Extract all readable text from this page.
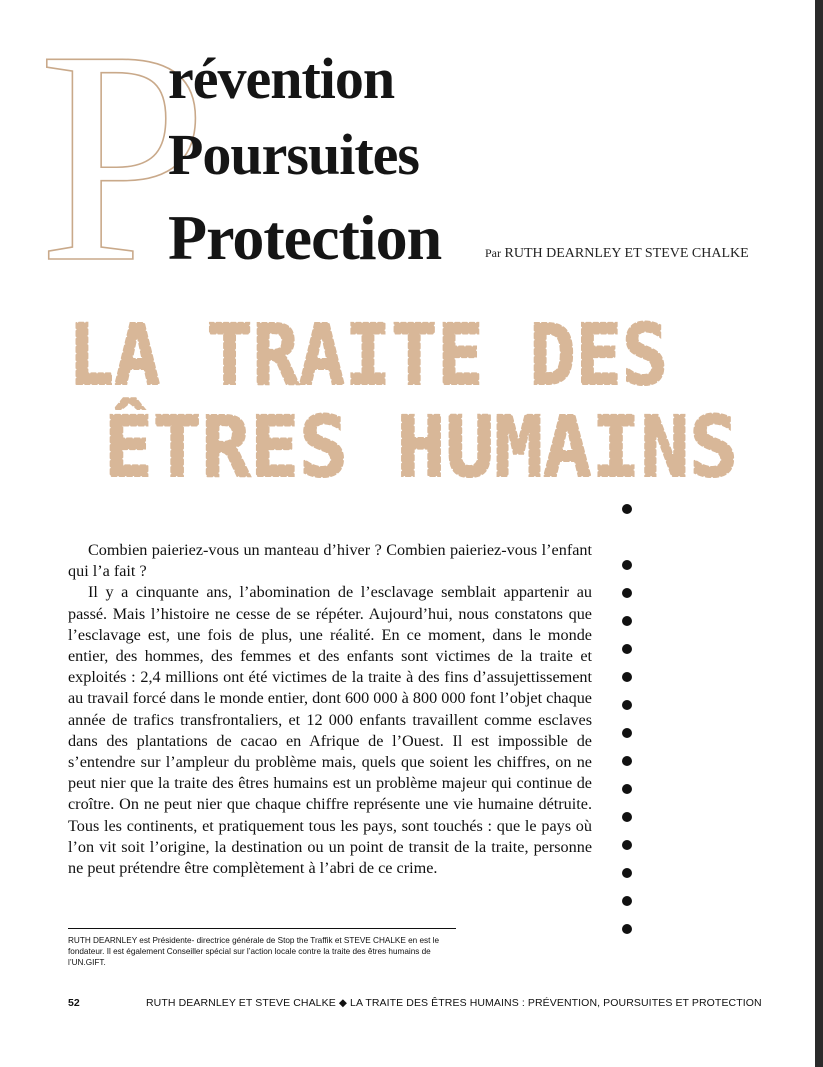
P
révention
Poursuites
Protection	Par RUTH DEARNLEY ET STEVE CHALKE
LA TRAITE DES
ÊTRES HUMAINS

Combien paieriez-vous un manteau d’hiver ? Combien paieriez-vous l’enfant qui l’a fait ?

Il y a cinquante ans, l’abomination de l’esclavage semblait appartenir au passé. Mais l’histoire ne cesse de se répéter. Aujourd’hui, nous constatons que l’esclavage est, une fois de plus, une réalité. En ce moment, dans le monde entier, des hommes, des femmes et des enfants sont victimes de la traite et exploités : 2,4 millions ont été victimes de la traite à des fins d’assujettissement au travail forcé dans le monde entier, dont 600 000 à 800 000 font l’objet chaque année de trafics transfrontaliers, et 12 000 enfants travaillent comme esclaves dans des plantations de cacao en Afrique de l’Ouest. Il est impossible de s’entendre sur l’ampleur du problème mais, quels que soient les chiffres, on ne peut nier que la traite des êtres humains est un problème majeur qui continue de croître. On ne peut nier que chaque chiffre représente une vie humaine détruite. Tous les continents, et pratiquement tous les pays, sont touchés : que le pays où l’on vit soit l’origine, la destination ou un point de transit de la traite, personne ne peut prétendre être complètement à l’abri de ce crime.

RUTH DEARNLEY est Présidente- directrice générale de Stop the Traffik et STEVE CHALKE en est le fondateur. Il est également Conseiller spécial sur l’action locale contre la traite des êtres humains de l’UN.GIFT.
52	RUTH DEARNLEY ET STEVE CHALKE ◆ LA TRAITE DES ÊTRES HUMAINS : PRÉVENTION, POURSUITES ET PROTECTION
